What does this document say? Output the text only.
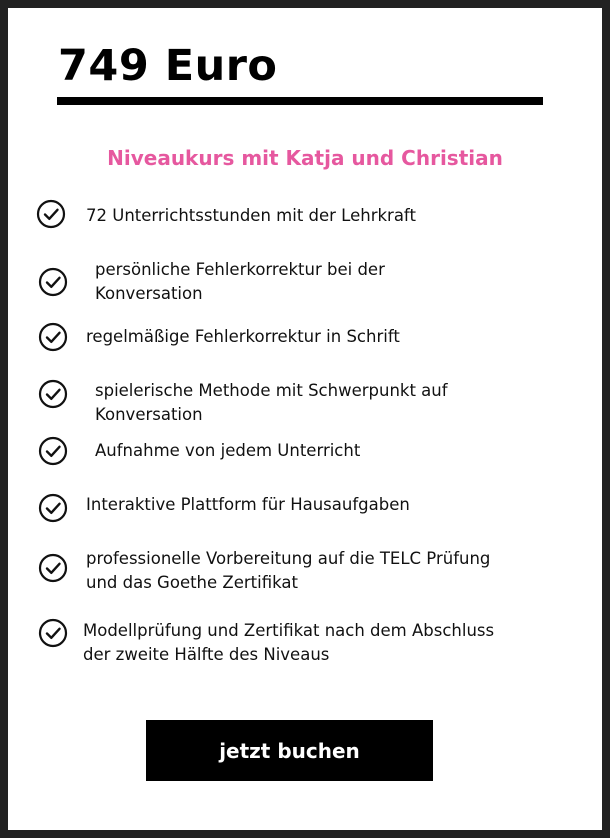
749 Euro
Niveaukurs mit Katja und Christian
72 Unterrichtsstunden mit der Lehrkraft
persönliche Fehlerkorrektur bei der
Konversation
regelmäßige Fehlerkorrektur in Schrift
spielerische Methode mit Schwerpunkt auf
Konversation
Aufnahme von jedem Unterricht
Interaktive Plattform für Hausaufgaben
professionelle Vorbereitung auf die TELC Prüfung
und das Goethe Zertifikat
Modellprüfung und Zertifikat nach dem Abschluss
der zweite Hälfte des Niveaus
jetzt buchen
